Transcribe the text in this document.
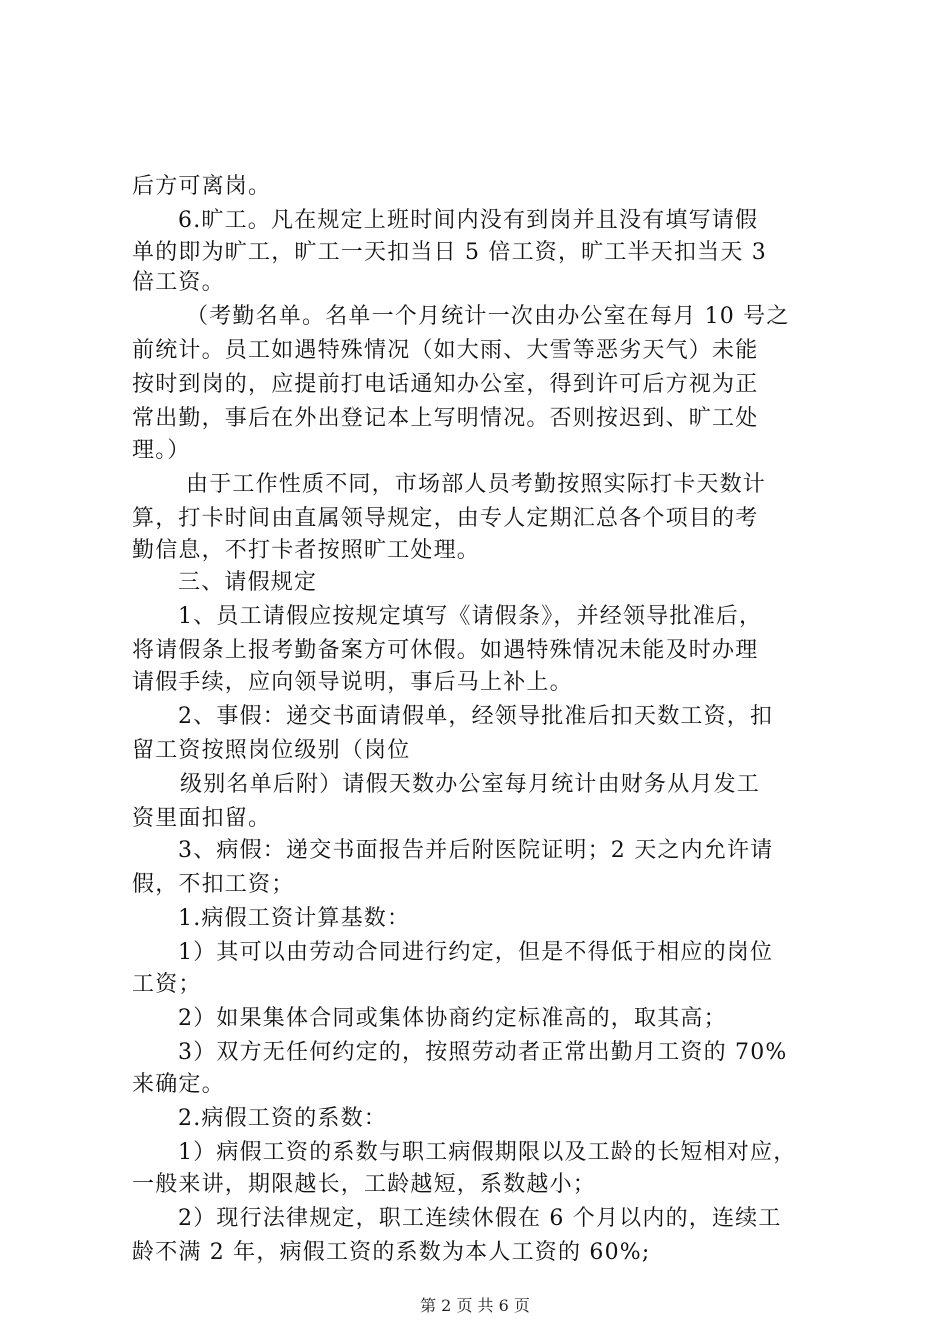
后方可离岗。
6.旷工。凡在规定上班时间内没有到岗并且没有填写请假
单的即为旷工，旷工一天扣当日 5 倍工资，旷工半天扣当天 3
倍工资。
（考勤名单。名单一个月统计一次由办公室在每月 10 号之
前统计。员工如遇特殊情况（如大雨、大雪等恶劣天气）未能
按时到岗的，应提前打电话通知办公室，得到许可后方视为正
常出勤，事后在外出登记本上写明情况。否则按迟到、旷工处
理。）
由于工作性质不同，市场部人员考勤按照实际打卡天数计
算，打卡时间由直属领导规定，由专人定期汇总各个项目的考
勤信息，不打卡者按照旷工处理。
三、请假规定
1、员工请假应按规定填写《请假条》，并经领导批准后，
将请假条上报考勤备案方可休假。如遇特殊情况未能及时办理
请假手续，应向领导说明，事后马上补上。
2、事假：递交书面请假单，经领导批准后扣天数工资，扣
留工资按照岗位级别（岗位
级别名单后附）请假天数办公室每月统计由财务从月发工
资里面扣留。
3、病假：递交书面报告并后附医院证明；2 天之内允许请
假，不扣工资；
1.病假工资计算基数：
1）其可以由劳动合同进行约定，但是不得低于相应的岗位
工资；
2）如果集体合同或集体协商约定标准高的，取其高；
3）双方无任何约定的，按照劳动者正常出勤月工资的 70%
来确定。
2.病假工资的系数：
1）病假工资的系数与职工病假期限以及工龄的长短相对应，
一般来讲，期限越长，工龄越短，系数越小；
2）现行法律规定，职工连续休假在 6 个月以内的，连续工
龄不满 2 年，病假工资的系数为本人工资的 60%;
第 2 页 共 6 页
